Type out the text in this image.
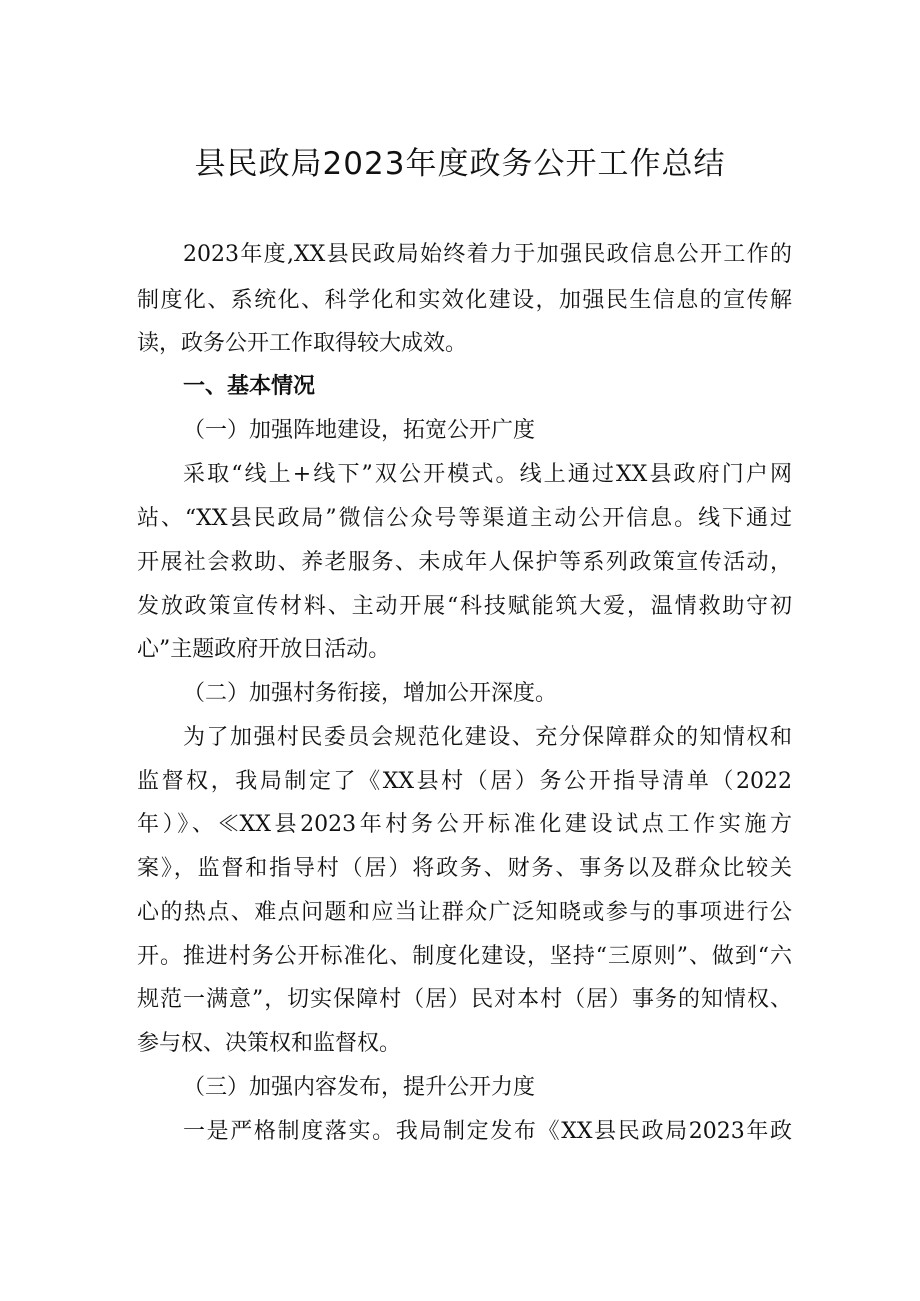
县民政局2023年度政务公开工作总结
2023年度,XX县民政局始终着力于加强民政信息公开工作的
制度化、系统化、科学化和实效化建设，加强民生信息的宣传解
读，政务公开工作取得较大成效。
一、基本情况
（一）加强阵地建设，拓宽公开广度
采取“线上+线下”双公开模式。线上通过XX县政府门户网
站、“XX县民政局”微信公众号等渠道主动公开信息。线下通过
开展社会救助、养老服务、未成年人保护等系列政策宣传活动，
发放政策宣传材料、主动开展“科技赋能筑大爱，温情救助守初
心”主题政府开放日活动。
（二）加强村务衔接，增加公开深度。
为了加强村民委员会规范化建设、充分保障群众的知情权和
监督权，我局制定了《XX县村（居）务公开指导清单（2022
年）》、≪XX县2023年村务公开标准化建设试点工作实施方
案》，监督和指导村（居）将政务、财务、事务以及群众比较关
心的热点、难点问题和应当让群众广泛知晓或参与的事项进行公
开。推进村务公开标准化、制度化建设，坚持“三原则”、做到“六
规范一满意”，切实保障村（居）民对本村（居）事务的知情权、
参与权、决策权和监督权。
（三）加强内容发布，提升公开力度
一是严格制度落实。我局制定发布《XX县民政局2023年政
